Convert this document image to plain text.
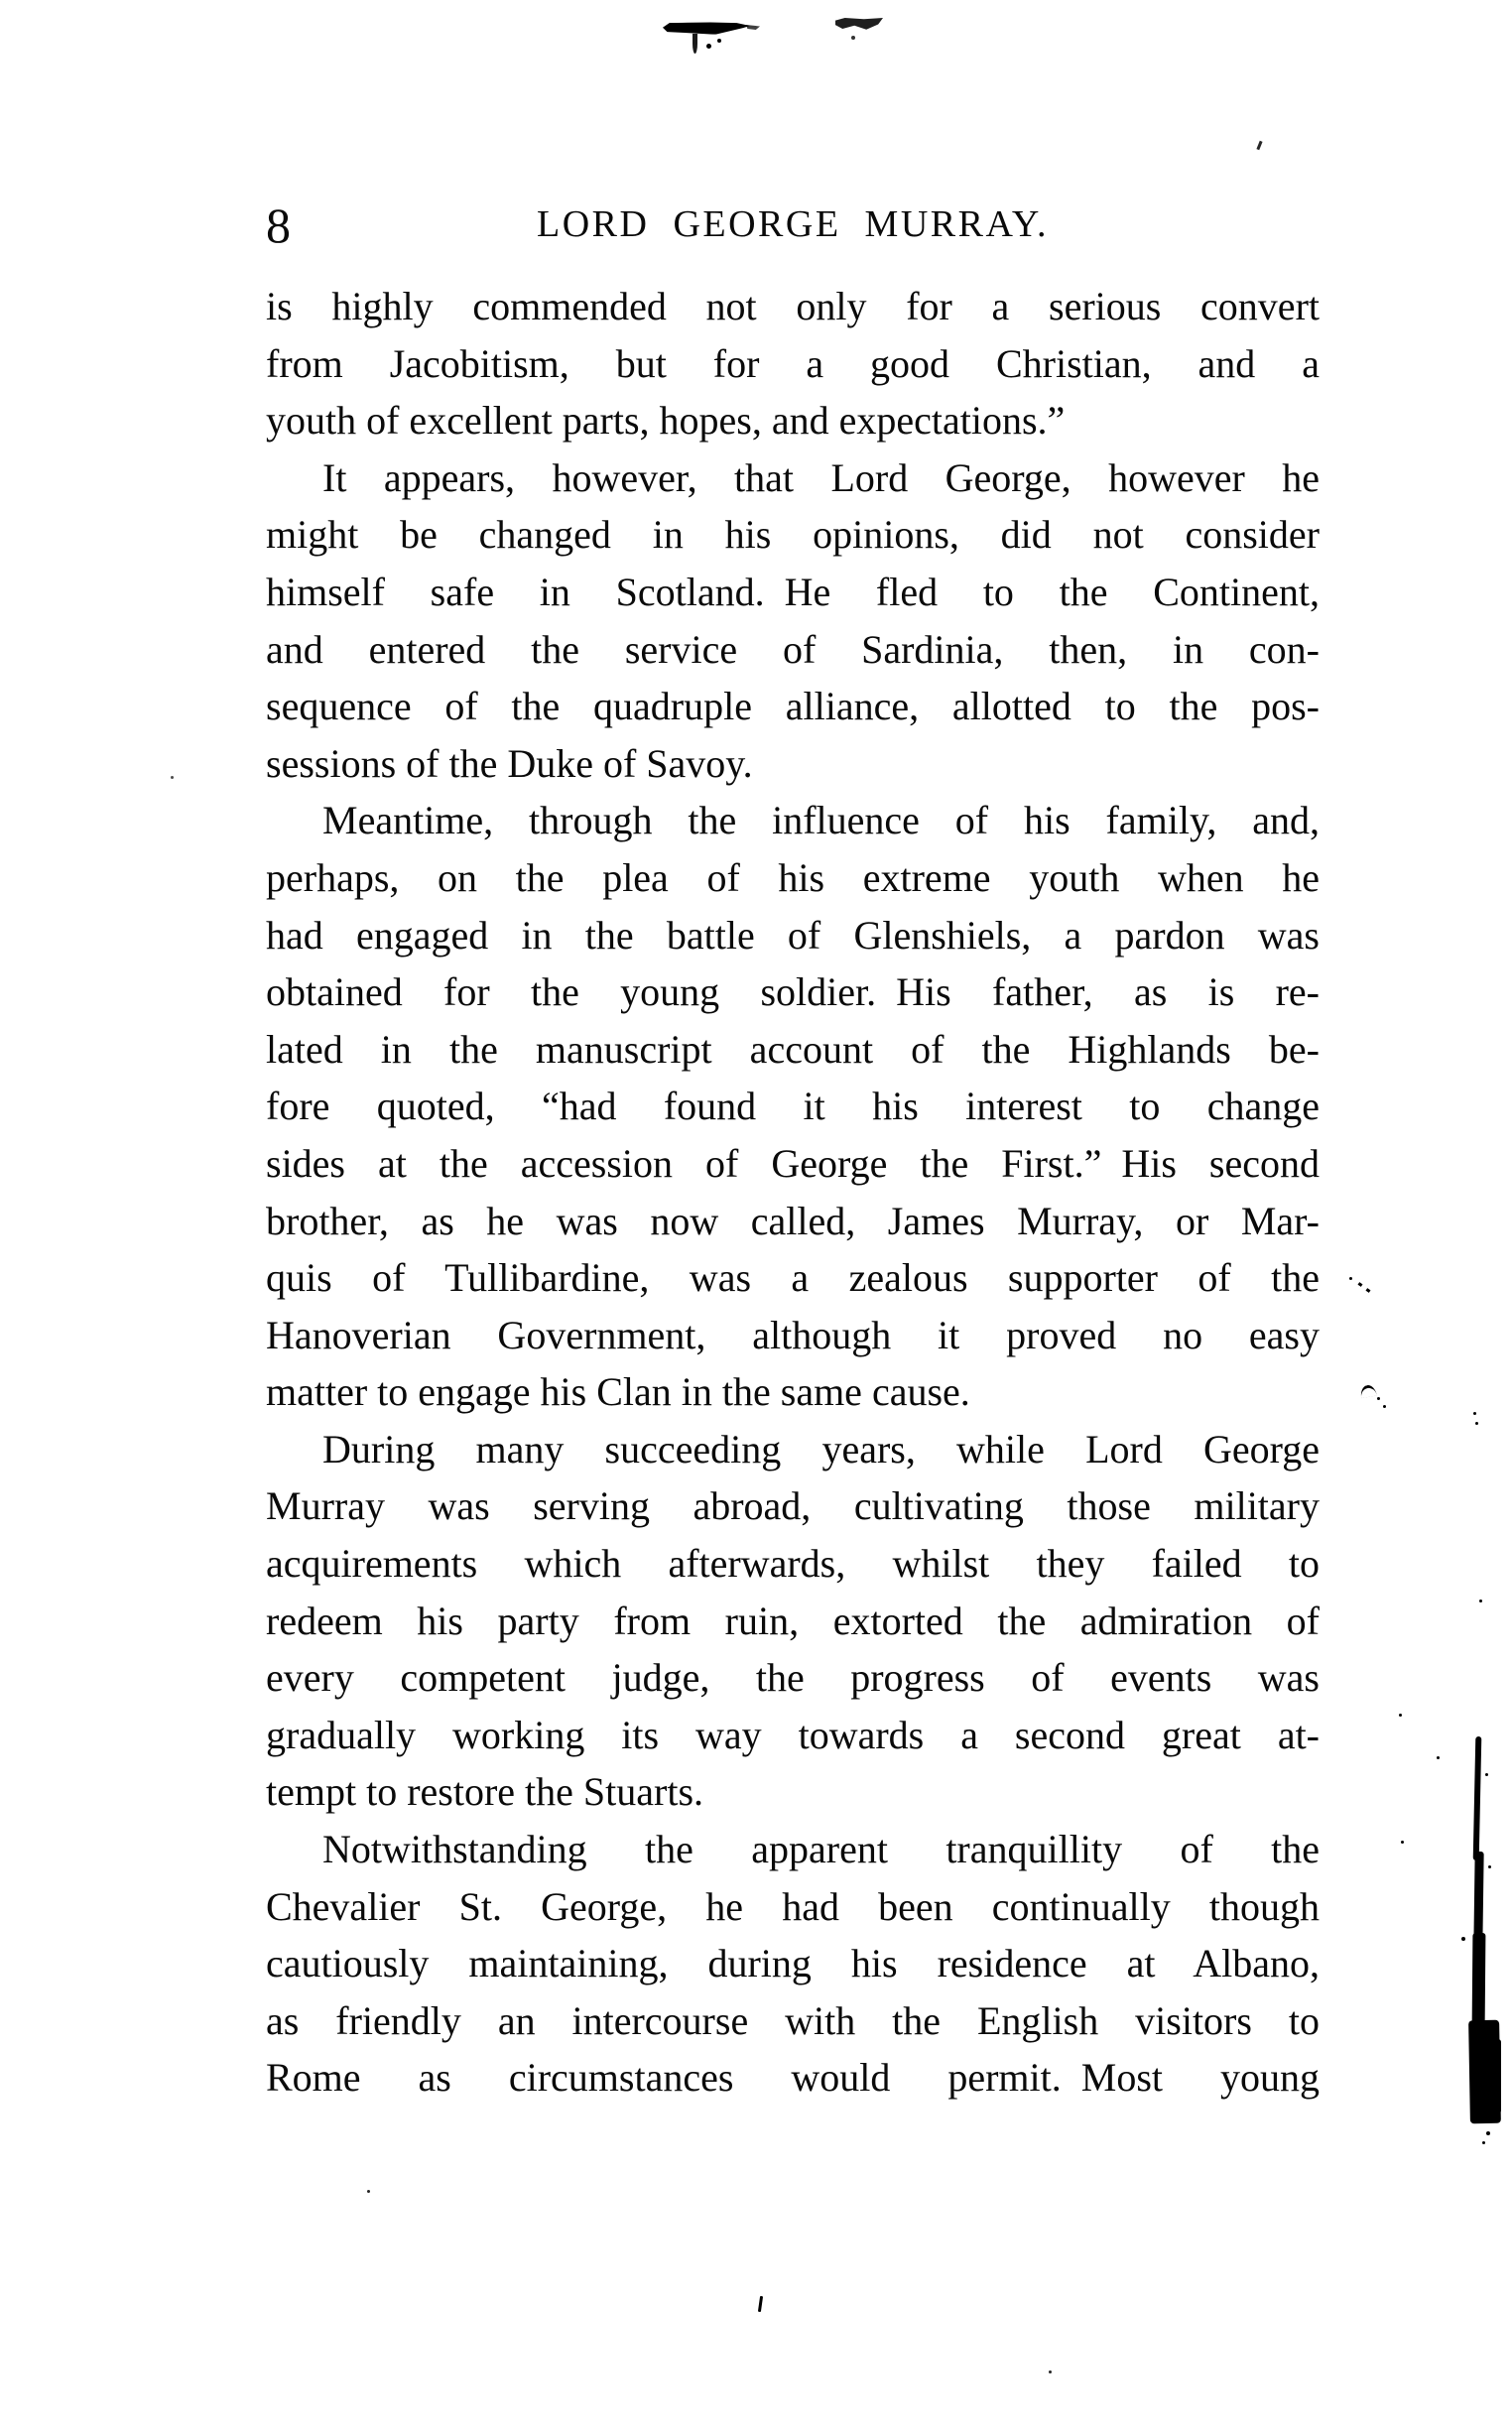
8	LORD GEORGE MURRAY.
is highly commended not only for a serious convert
from Jacobitism, but for a good Christian, and a
youth of excellent parts, hopes, and expectations.”
It appears, however, that Lord George, however he
might be changed in his opinions, did not consider
himself safe in Scotland. He fled to the Continent,
and entered the service of Sardinia, then, in con-
sequence of the quadruple alliance, allotted to the pos-
sessions of the Duke of Savoy.
Meantime, through the influence of his family, and,
perhaps, on the plea of his extreme youth when he
had engaged in the battle of Glenshiels, a pardon was
obtained for the young soldier. His father, as is re-
lated in the manuscript account of the Highlands be-
fore quoted, “had found it his interest to change
sides at the accession of George the First.” His second
brother, as he was now called, James Murray, or Mar-
quis of Tullibardine, was a zealous supporter of the
Hanoverian Government, although it proved no easy
matter to engage his Clan in the same cause.
During many succeeding years, while Lord George
Murray was serving abroad, cultivating those military
acquirements which afterwards, whilst they failed to
redeem his party from ruin, extorted the admiration of
every competent judge, the progress of events was
gradually working its way towards a second great at-
tempt to restore the Stuarts.
Notwithstanding the apparent tranquillity of the
Chevalier St. George, he had been continually though
cautiously maintaining, during his residence at Albano,
as friendly an intercourse with the English visitors to
Rome as circumstances would permit. Most young
